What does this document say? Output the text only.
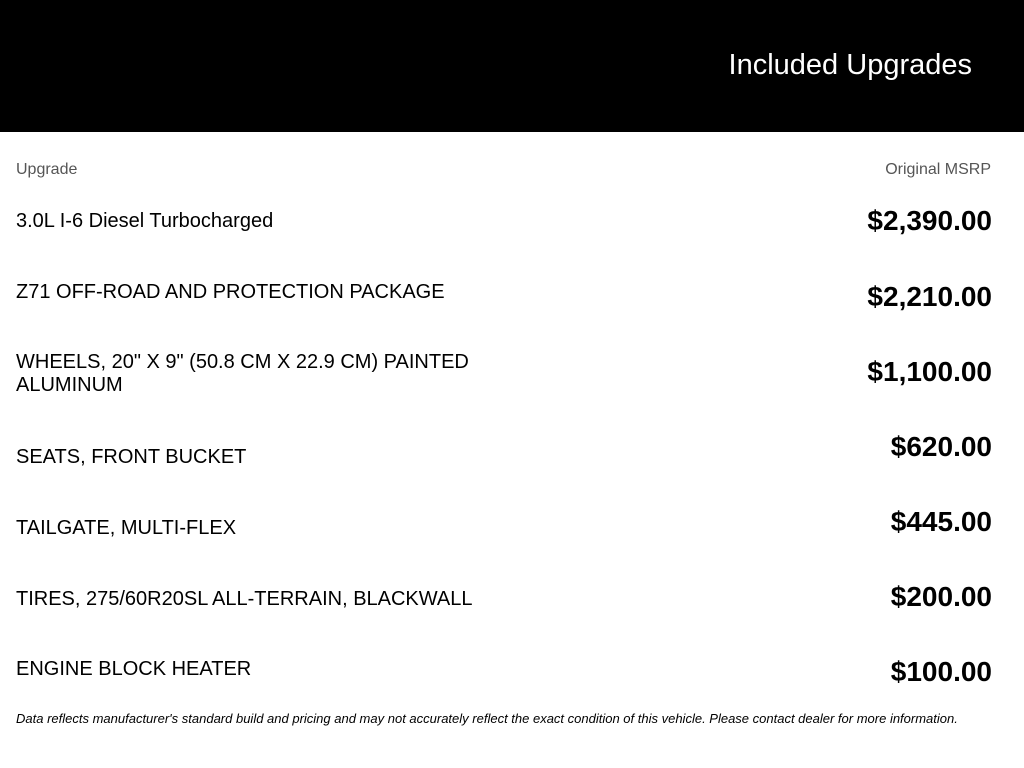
Included Upgrades
Upgrade	Original MSRP
3.0L I-6 Diesel Turbocharged	$2,390.00
Z71 OFF-ROAD AND PROTECTION PACKAGE	$2,210.00
WHEELS, 20" X 9" (50.8 CM X 22.9 CM) PAINTED ALUMINUM	$1,100.00
SEATS, FRONT BUCKET	$620.00
TAILGATE, MULTI-FLEX	$445.00
TIRES, 275/60R20SL ALL-TERRAIN, BLACKWALL	$200.00
ENGINE BLOCK HEATER	$100.00
Data reflects manufacturer's standard build and pricing and may not accurately reflect the exact condition of this vehicle. Please contact dealer for more information.
